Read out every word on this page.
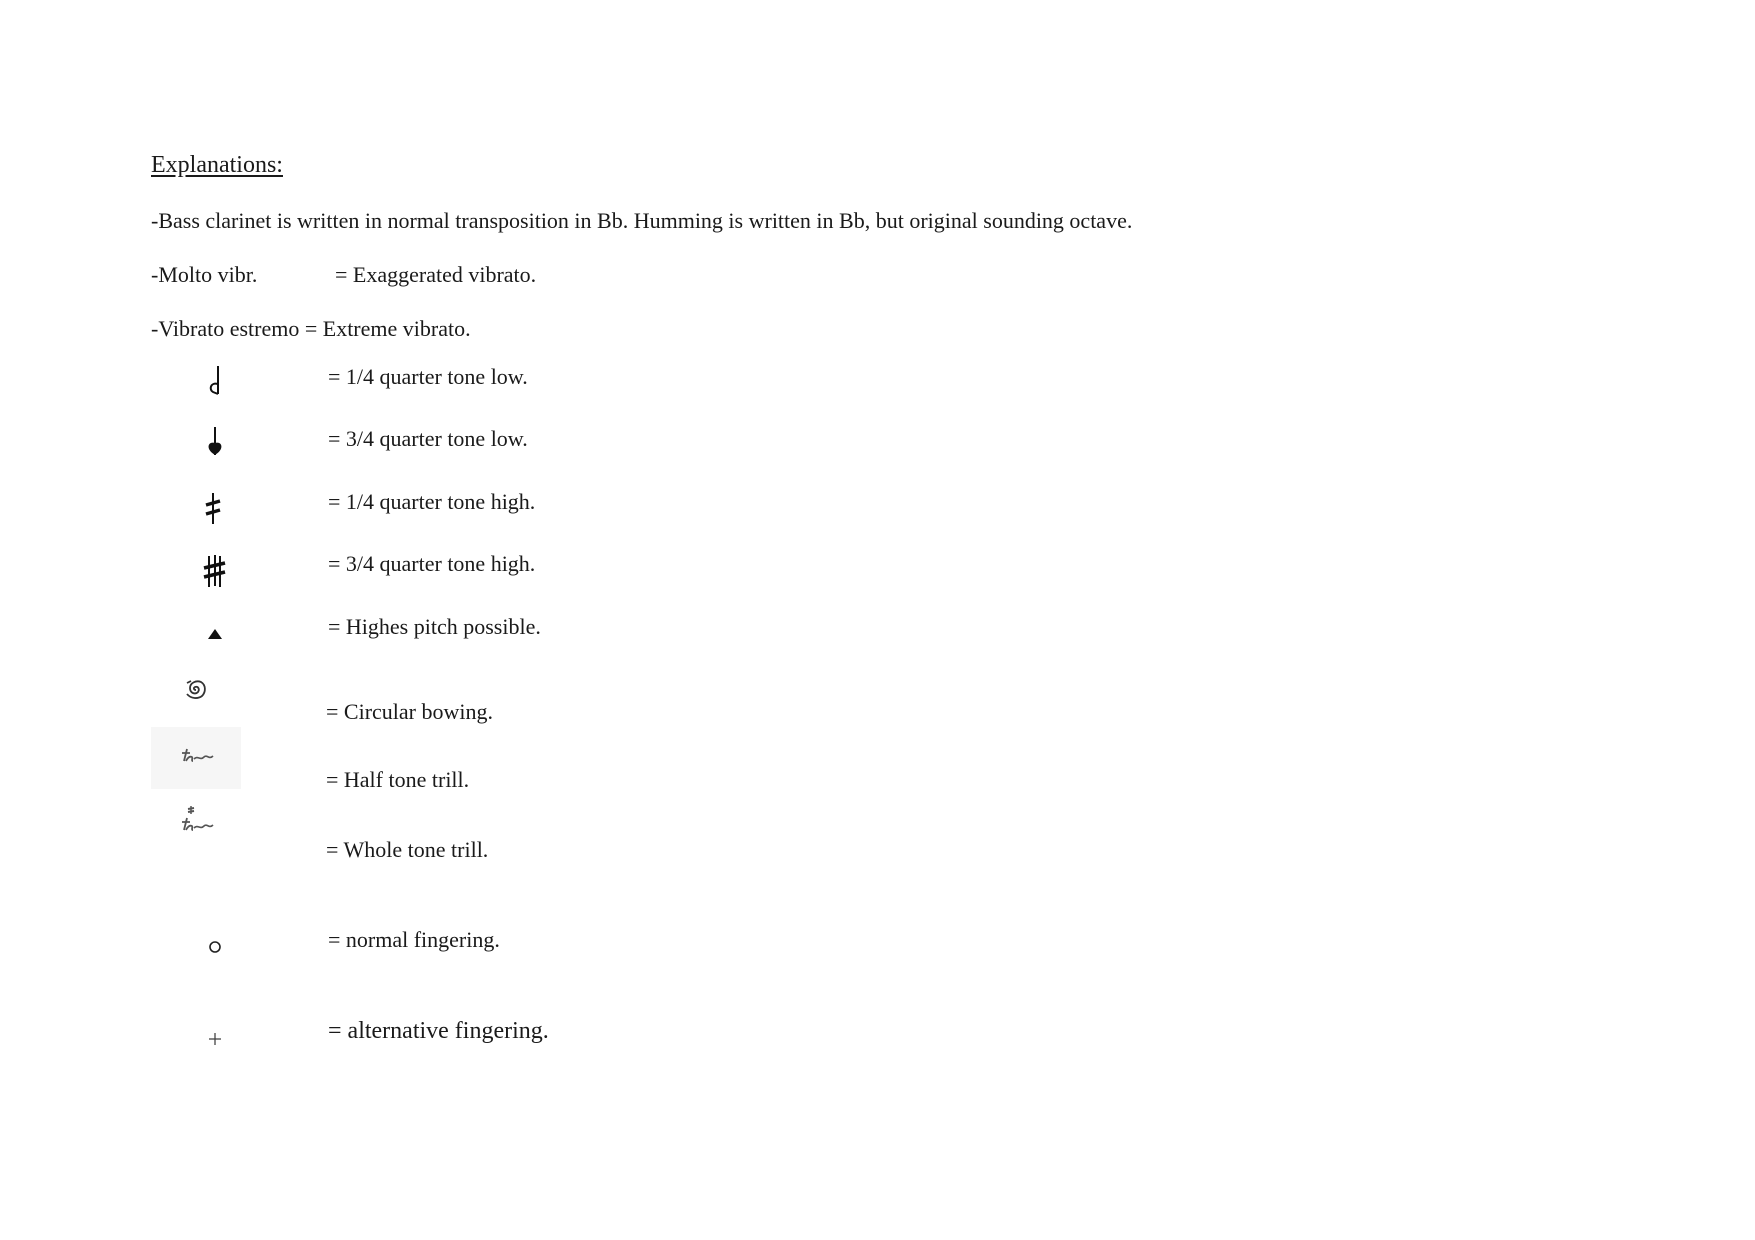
Explanations:
-Bass clarinet is written in normal transposition in Bb. Humming is written in Bb, but original sounding octave.
-Molto vibr.	= Exaggerated vibrato.
-Vibrato estremo = Extreme vibrato.
= 1/4 quarter tone low.
= 3/4 quarter tone low.
= 1/4 quarter tone high.
= 3/4 quarter tone high.
= Highes pitch possible.
= Circular bowing.
= Half tone trill.
= Whole tone trill.
= normal fingering.
= alternative fingering.
